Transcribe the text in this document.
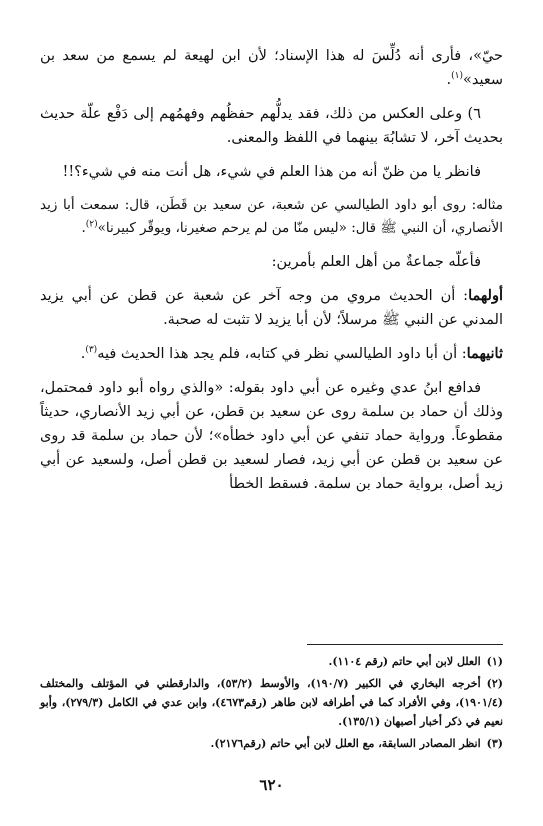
حيّ»، فأرى أنه دُلِّسَ له هذا الإسناد؛ لأن ابن لهيعة لم يسمع من سعد بن سعيد»$^{(١)}$.

٦) وعلى العكس من ذلك، فقد يدلُّهم حفظُهم وفهمُهم إلى دَفْع علّة حديث بحديث آخر، لا تشابُهَ بينهما في اللفظ والمعنى.

فانظر يا من ظنّ أنه من هذا العلم في شيء، هل أنت منه في شيء؟!!

مثاله: روى أبو داود الطيالسي عن شعبة، عن سعيد بن قَطَن، قال: سمعت أبا زيد الأنصاري، أن النبي ﷺ قال: «ليس منّا من لم يرحم صغيرنا، ويوقّر كبيرنا»$^{(٢)}$.

فأعلّه جماعةٌ من أهل العلم بأمرين:

أولهما: أن الحديث مروي من وجه آخر عن شعبة عن قطن عن أبي يزيد المدني عن النبي ﷺ مرسلاً؛ لأن أبا يزيد لا تثبت له صحبة.

ثانيهما: أن أبا داود الطيالسي نظر في كتابه، فلم يجد هذا الحديث فيه$^{(٣)}$.

فدافع ابنُ عدي وغيره عن أبي داود بقوله: «والذي رواه أبو داود فمحتمل، وذلك أن حماد بن سلمة روى عن سعيد بن قطن، عن أبي زيد الأنصاري، حديثاً مقطوعاً. ورواية حماد تنفي عن أبي داود خطأه»؛ لأن حماد بن سلمة قد روى عن سعيد بن قطن عن أبي زيد، فصار لسعيد بن قطن أصل، ولسعيد عن أبي زيد أصل، برواية حماد بن سلمة. فسقط الخطأ

(١)العلل لابن أبي حاتم (رقم ١١٠٤).

(٢)أخرجه البخاري في الكبير (١٩٠/٧)، والأوسط (٥٣/٢)، والدارقطني في المؤتلف والمختلف (١٩٠١/٤)، وفي الأفراد كما في أطرافه لابن طاهر (رقم٤٦٧٣)، وابن عدي في الكامل (٢٧٩/٣)، وأبو نعيم في ذكر أخبار أصبهان (١٣٥/١).

(٣)انظر المصادر السابقة، مع العلل لابن أبي حاتم (رقم٢١٧٦).

٦٢٠
